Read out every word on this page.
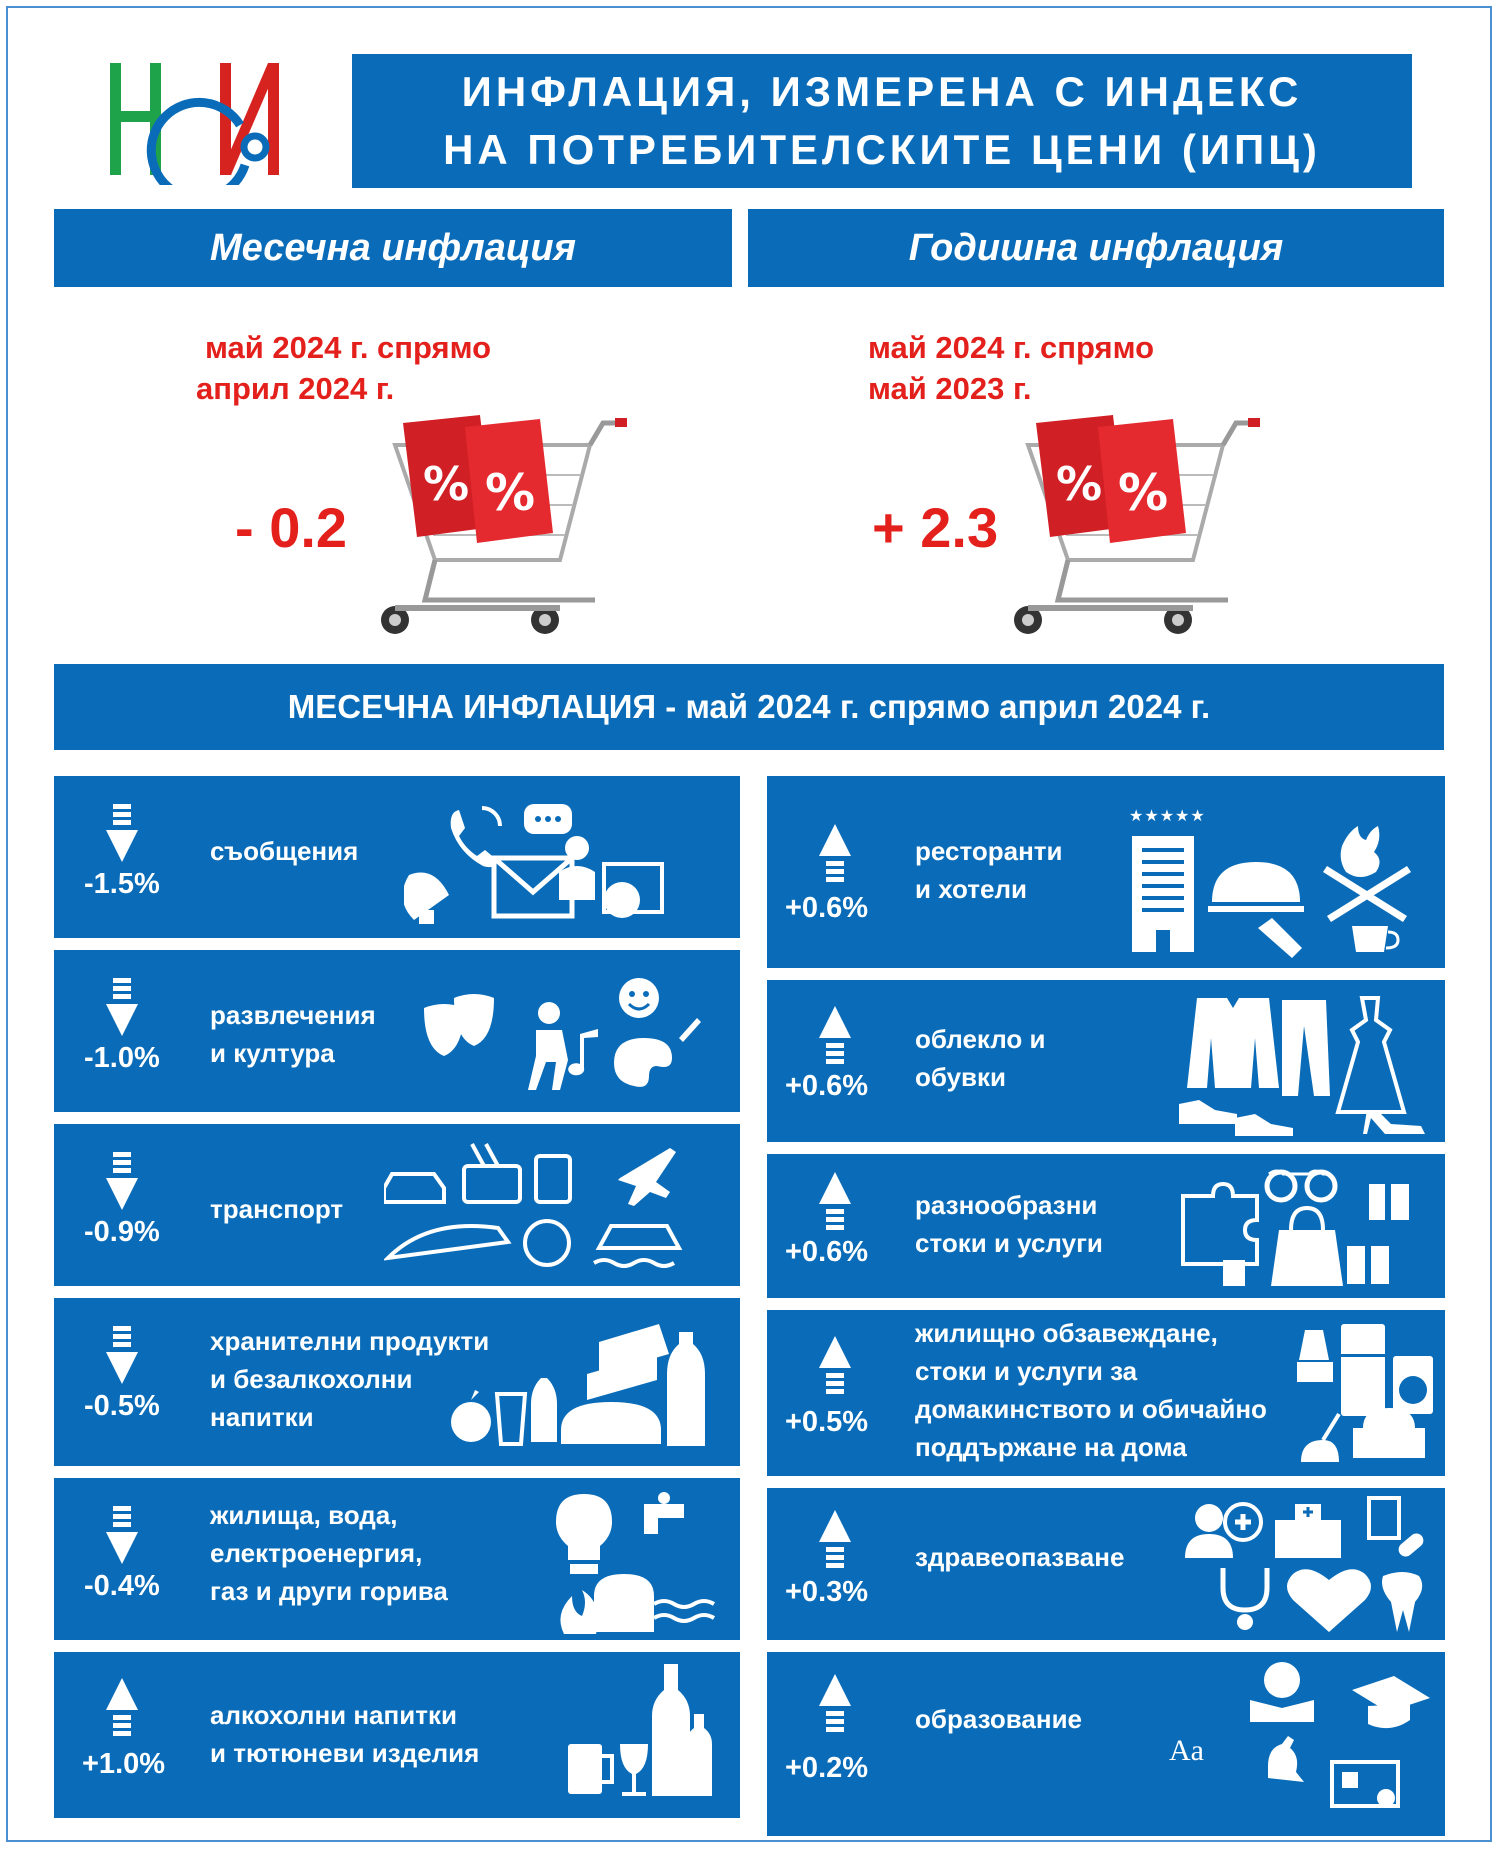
ИНФЛАЦИЯ, ИЗМЕРЕНА С ИНДЕКС
НА ПОТРЕБИТЕЛСКИТЕ ЦЕНИ (ИПЦ)
Месечна инфлация	Годишна инфлация
май 2024 г. спрямо
април 2024 г.
- 0.2
май 2024 г. спрямо
май 2023 г.
+ 2.3
% %	% %
МЕСЕЧНА ИНФЛАЦИЯ - май 2024 г. спрямо април 2024 г.
-1.5%
съобщения
-1.0%
развлечения
и култура
-0.9%
транспорт
-0.5%
хранителни продукти
и безалкохолни
напитки
-0.4%
жилища, вода,
електроенергия,
газ и други горива
+1.0%
алкохолни напитки
и тютюневи изделия
+0.6%
ресторанти
и хотели
★★★★★
+0.6%
облекло и
обувки
+0.6%
разнообразни
стоки и услуги
+0.5%
жилищно обзавеждане,
стоки и услуги за
домакинството и обичайно
поддържане на дома
+0.3%
здравеопазване
+0.2%
образование
Aa
